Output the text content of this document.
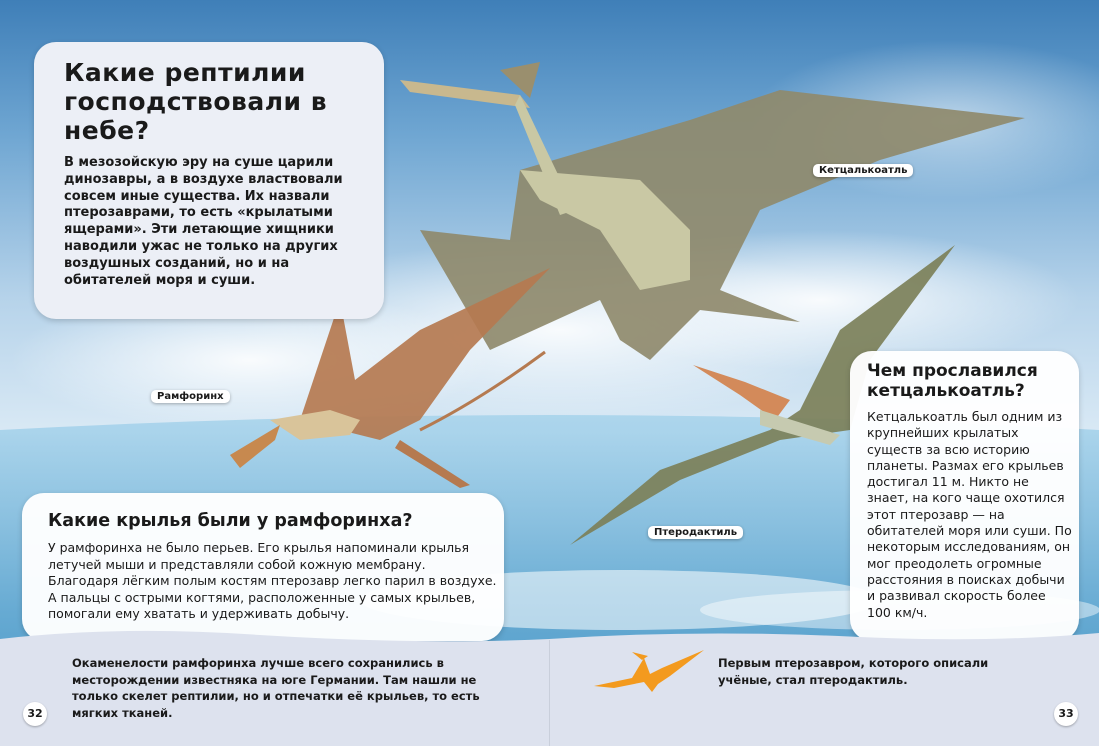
Какие рептилии господствовали в небе?

В мезозойскую эру на суше царили динозавры, а в воздухе властвовали совсем иные существа. Их назвали птерозаврами, то есть «крылатыми ящерами». Эти летающие хищники наводили ужас не только на других воздушных созданий, но и на обитателей моря и суши.

Кетцалькоатль
Рамфоринх
Птеродактиль
Какие крылья были у рамфоринха?

У рамфоринха не было перьев. Его крылья напоминали крылья летучей мыши и представляли собой кожную мембрану. Благодаря лёгким полым костям птерозавр легко парил в воздухе. А пальцы с острыми когтями, расположенные у самых крыльев, помогали ему хватать и удерживать добычу.

Чем прославился кетцалькоатль?

Кетцалькоатль был одним из крупнейших крылатых существ за всю историю планеты. Размах его крыльев достигал 11 м. Никто не знает, на кого чаще охотился этот птерозавр — на обитателей моря или суши. По некоторым исследованиям, он мог преодолеть огромные расстояния в поисках добычи и развивал скорость более 100 км/ч.

Окаменелости рамфоринха лучше всего сохранились в месторождении известняка на юге Германии. Там нашли не только скелет рептилии, но и отпечатки её крыльев, то есть мягких тканей.
Первым птерозавром, которого описали учёные, стал птеродактиль.
32	33
